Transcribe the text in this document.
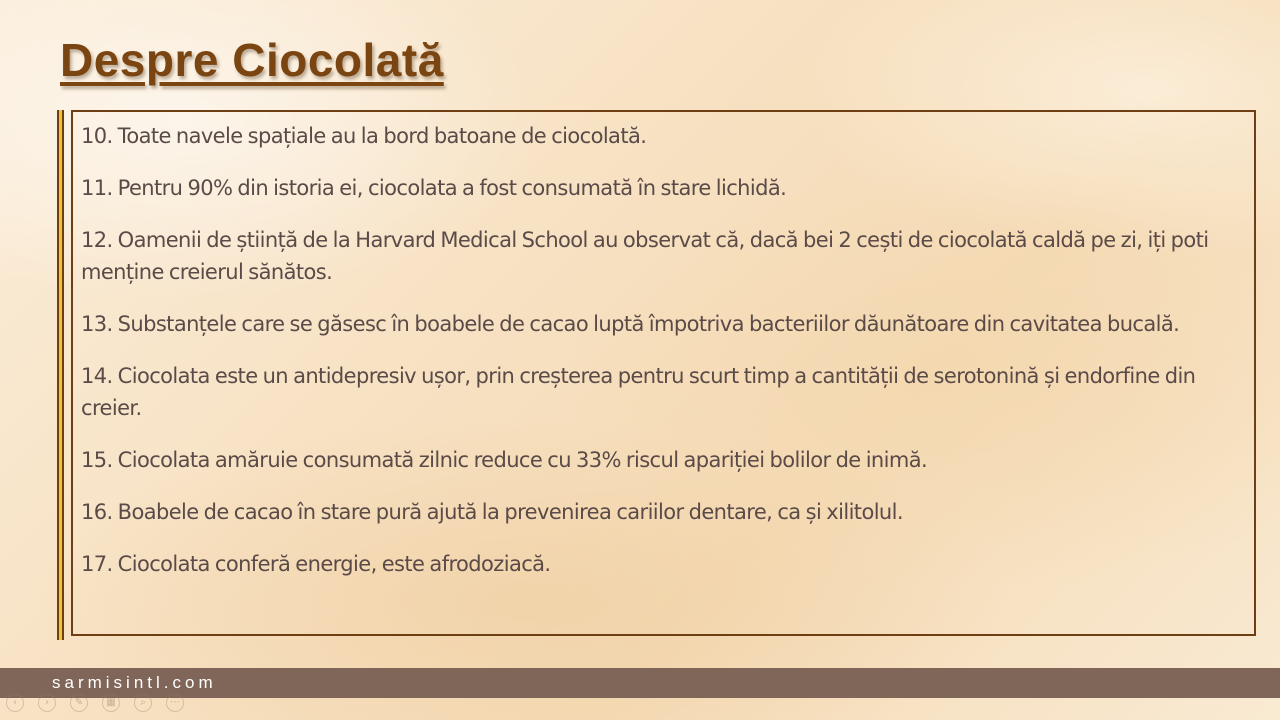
Despre Ciocolată

10. Toate navele spațiale au la bord batoane de ciocolată.

11. Pentru 90% din istoria ei, ciocolata a fost consumată în stare lichidă.

12. Oamenii de știință de la Harvard Medical School au observat că, dacă bei 2 cești de ciocolată caldă pe zi, iți poti menține creierul sănătos.

13. Substanțele care se găsesc în boabele de cacao luptă împotriva bacteriilor dăunătoare din cavitatea bucală.

14. Ciocolata este un antidepresiv ușor, prin creșterea pentru scurt timp a cantității de serotonină și endorfine din creier.

15. Ciocolata amăruie consumată zilnic reduce cu 33% riscul apariției bolilor de inimă.

16. Boabele de cacao în stare pură ajută la prevenirea cariilor dentare, ca și xilitolul.

17. Ciocolata conferă energie, este afrodoziacă.

sarmisintl.com
‹	›	✎	▦	⌕	⋯
